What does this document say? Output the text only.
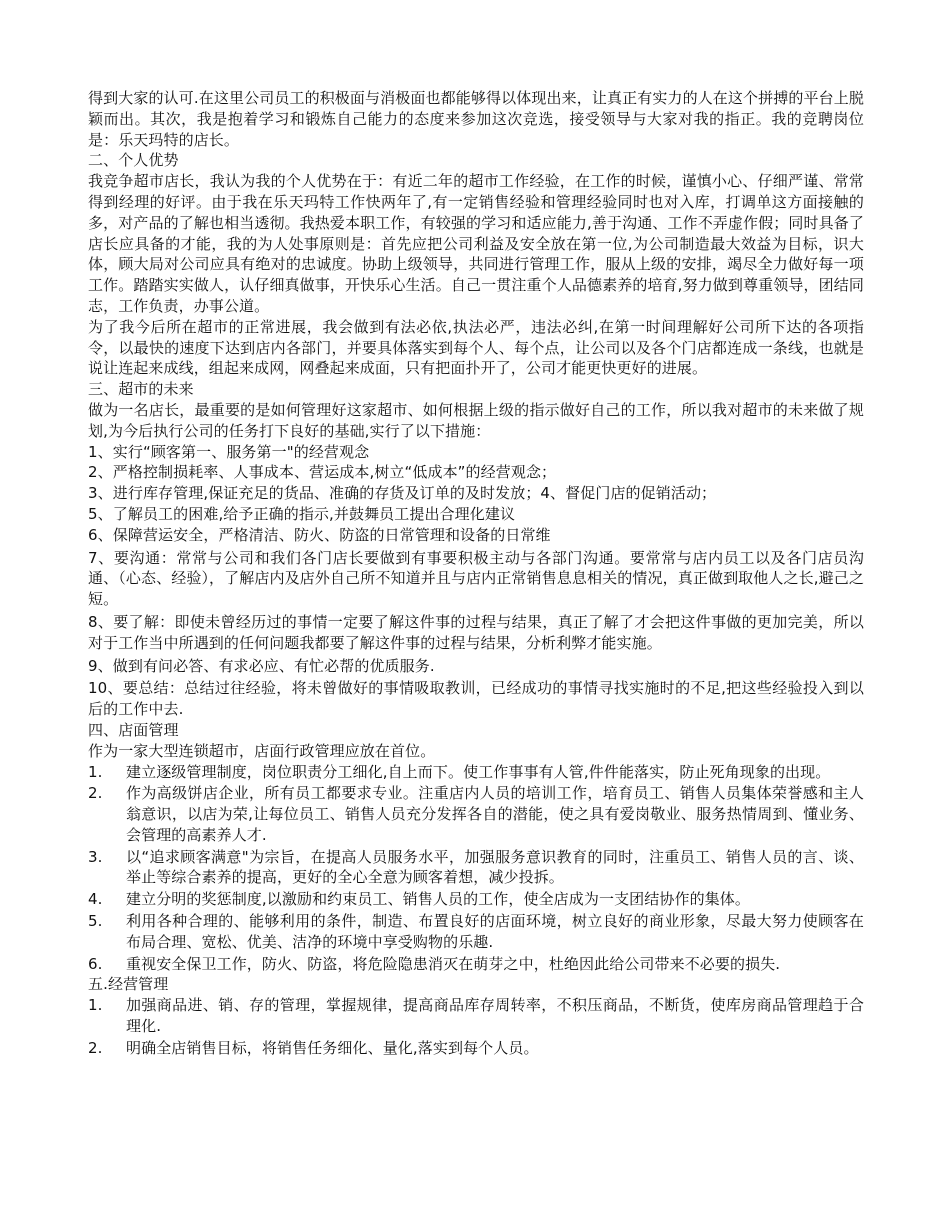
得到大家的认可.在这里公司员工的积极面与消极面也都能够得以体现出来，让真正有实力的人在这个拼搏的平台上脱颖而出。其次，我是抱着学习和锻炼自己能力的态度来参加这次竞选，接受领导与大家对我的指正。我的竞聘岗位是：乐天玛特的店长。

二、个人优势

我竞争超市店长，我认为我的个人优势在于：有近二年的超市工作经验，在工作的时候，谨慎小心、仔细严谨、常常得到经理的好评。由于我在乐天玛特工作快两年了,有一定销售经验和管理经验同时也对入库，打调单这方面接触的多，对产品的了解也相当透彻。我热爱本职工作，有较强的学习和适应能力,善于沟通、工作不弄虚作假；同时具备了店长应具备的才能，我的为人处事原则是：首先应把公司利益及安全放在第一位,为公司制造最大效益为目标，识大体，顾大局对公司应具有绝对的忠诚度。协助上级领导，共同进行管理工作，服从上级的安排，竭尽全力做好每一项工作。踏踏实实做人，认仔细真做事，开快乐心生活。自己一贯注重个人品德素养的培育,努力做到尊重领导，团结同志，工作负责，办事公道。

为了我今后所在超市的正常进展，我会做到有法必依,执法必严，违法必纠,在第一时间理解好公司所下达的各项指令，以最快的速度下达到店内各部门，并要具体落实到每个人、每个点，让公司以及各个门店都连成一条线，也就是说让连起来成线，组起来成网，网叠起来成面，只有把面扑开了，公司才能更快更好的进展。

三、超市的未来

做为一名店长，最重要的是如何管理好这家超市、如何根据上级的指示做好自己的工作，所以我对超市的未来做了规划,为今后执行公司的任务打下良好的基础,实行了以下措施：

1、实行“顾客第一、服务第一"的经营观念

2、严格控制损耗率、人事成本、营运成本,树立“低成本”的经营观念；

3、进行库存管理,保证充足的货品、准确的存货及订单的及时发放；4、督促门店的促销活动；

5、了解员工的困难,给予正确的指示,并鼓舞员工提出合理化建议

6、保障营运安全，严格清洁、防火、防盗的日常管理和设备的日常维

7、要沟通：常常与公司和我们各门店长要做到有事要积极主动与各部门沟通。要常常与店内员工以及各门店员沟通、（心态、经验），了解店内及店外自己所不知道并且与店内正常销售息息相关的情况，真正做到取他人之长,避己之短。

8、要了解：即使未曾经历过的事情一定要了解这件事的过程与结果，真正了解了才会把这件事做的更加完美，所以对于工作当中所遇到的任何问题我都要了解这件事的过程与结果，分析利弊才能实施。

9、做到有问必答、有求必应、有忙必帮的优质服务.

10、要总结：总结过往经验，将未曾做好的事情吸取教训，已经成功的事情寻找实施时的不足,把这些经验投入到以后的工作中去.

四、店面管理

作为一家大型连锁超市，店面行政管理应放在首位。

1.	建立逐级管理制度，岗位职责分工细化,自上而下。使工作事事有人管,件件能落实，防止死角现象的出现。
2.	作为高级饼店企业，所有员工都要求专业。注重店内人员的培训工作，培育员工、销售人员集体荣誉感和主人翁意识，以店为荣,让每位员工、销售人员充分发挥各自的潜能，使之具有爱岗敬业、服务热情周到、懂业务、会管理的高素养人才.
3.	以“追求顾客满意"为宗旨，在提高人员服务水平，加强服务意识教育的同时，注重员工、销售人员的言、谈、举止等综合素养的提高，更好的全心全意为顾客着想，减少投拆。
4.	建立分明的奖惩制度,以激励和约束员工、销售人员的工作，使全店成为一支团结协作的集体。
5.	利用各种合理的、能够利用的条件，制造、布置良好的店面环境，树立良好的商业形象，尽最大努力使顾客在布局合理、宽松、优美、洁净的环境中享受购物的乐趣.
6.	重视安全保卫工作，防火、防盗，将危险隐患消灭在萌芽之中，杜绝因此给公司带来不必要的损失.

五.经营管理

1.	加强商品进、销、存的管理，掌握规律，提高商品库存周转率，不积压商品，不断货，使库房商品管理趋于合理化.
2.	明确全店销售目标，将销售任务细化、量化,落实到每个人员。
